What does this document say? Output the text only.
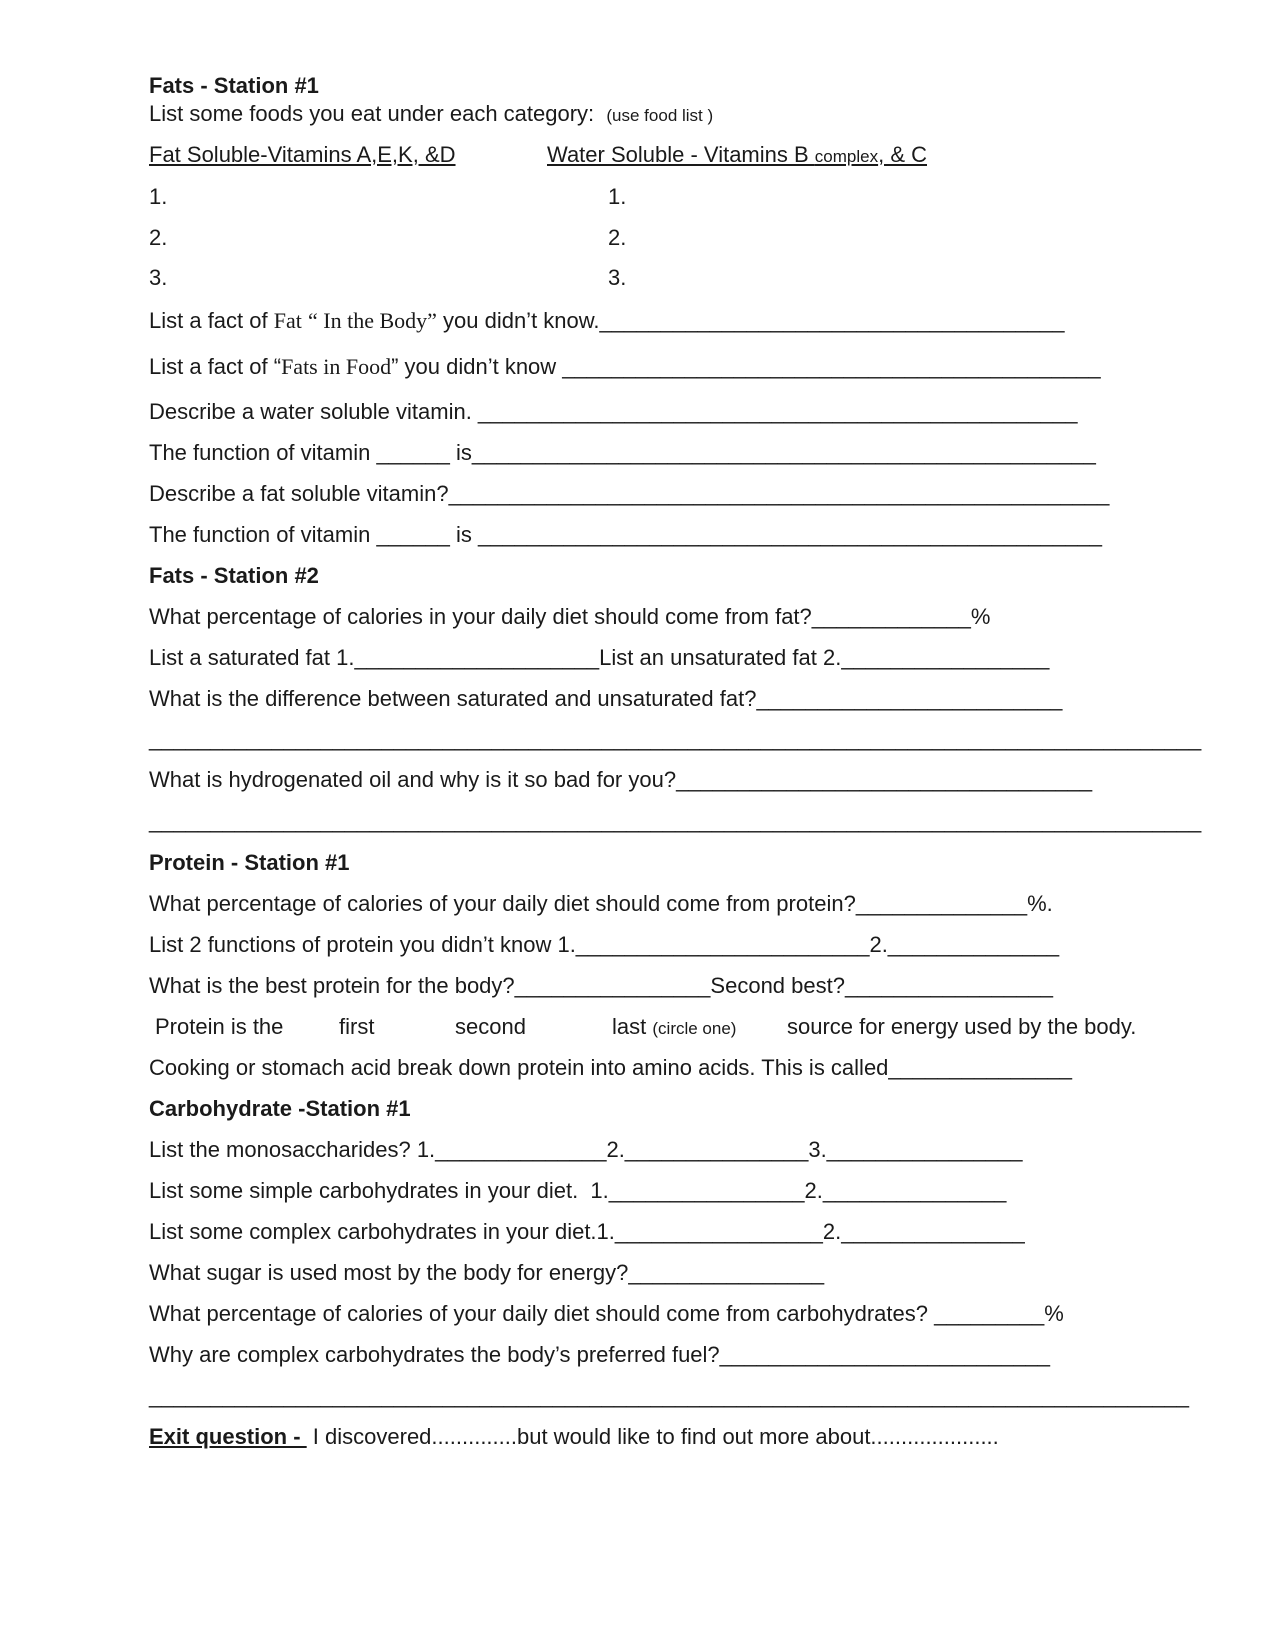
Fats - Station #1
List some foods you eat under each category: (use food list )
Fat Soluble-Vitamins A,E,K, &D	Water Soluble - Vitamins B complex, & C
1.	1.
2.	2.
3.	3.
List a fact of Fat “ In the Body” you didn’t know.______________________________________
List a fact of “Fats in Food” you didn’t know ____________________________________________
Describe a water soluble vitamin. _________________________________________________
The function of vitamin ______ is___________________________________________________
Describe a fat soluble vitamin?______________________________________________________
The function of vitamin ______ is ___________________________________________________
Fats - Station #2
What percentage of calories in your daily diet should come from fat?_____________%
List a saturated fat 1.____________________List an unsaturated fat 2._________________
What is the difference between saturated and unsaturated fat?_________________________
______________________________________________________________________________________
What is hydrogenated oil and why is it so bad for you?__________________________________
______________________________________________________________________________________
Protein - Station #1
What percentage of calories of your daily diet should come from protein?______________%.
List 2 functions of protein you didn’t know 1.________________________2.______________
What is the best protein for the body?________________Second best?_________________
Protein is the	first	second	last (circle one) source for energy used by the body.
Cooking or stomach acid break down protein into amino acids. This is called_______________
Carbohydrate -Station #1
List the monosaccharides? 1.______________2._______________3.________________
List some simple carbohydrates in your diet.  1.________________2._______________
List some complex carbohydrates in your diet.1._________________2._______________
What sugar is used most by the body for energy?________________
What percentage of calories of your daily diet should come from carbohydrates? _________%
Why are complex carbohydrates the body’s preferred fuel?___________________________
_____________________________________________________________________________________
Exit question -  I discovered..............but would like to find out more about.....................
